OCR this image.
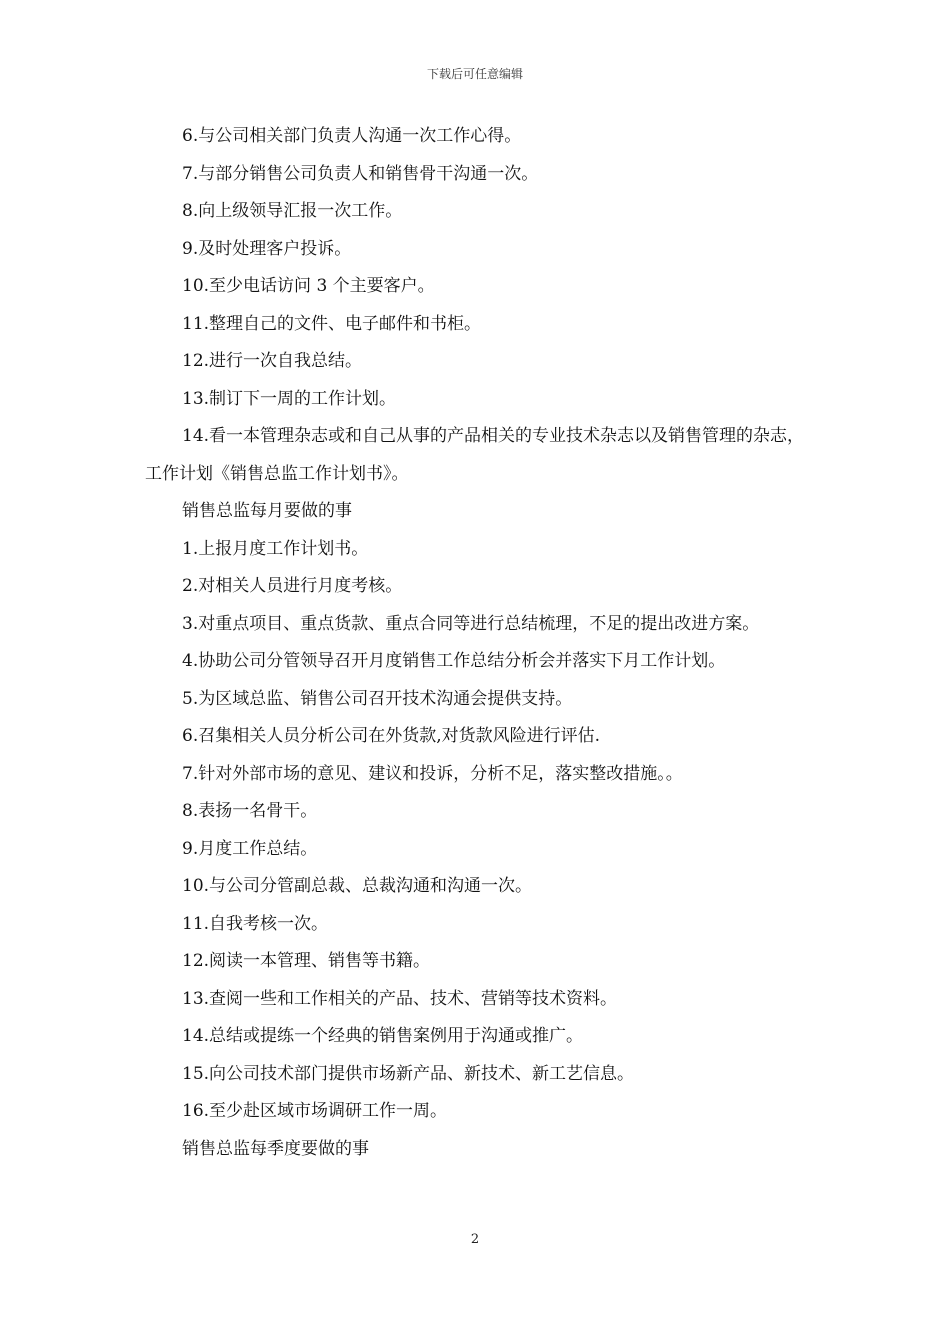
下载后可任意编辑

6.与公司相关部门负责人沟通一次工作心得。

7.与部分销售公司负责人和销售骨干沟通一次。

8.向上级领导汇报一次工作。

9.及时处理客户投诉。

10.至少电话访问 3 个主要客户。

11.整理自己的文件、电子邮件和书柜。

12.进行一次自我总结。

13.制订下一周的工作计划。

14.看一本管理杂志或和自己从事的产品相关的专业技术杂志以及销售管理的杂志，工作计划《销售总监工作计划书》。

销售总监每月要做的事

1.上报月度工作计划书。

2.对相关人员进行月度考核。

3.对重点项目、重点货款、重点合同等进行总结梳理，不足的提出改进方案。

4.协助公司分管领导召开月度销售工作总结分析会并落实下月工作计划。

5.为区域总监、销售公司召开技术沟通会提供支持。

6.召集相关人员分析公司在外货款,对货款风险进行评估.

7.针对外部市场的意见、建议和投诉，分析不足，落实整改措施。。

8.表扬一名骨干。

9.月度工作总结。

10.与公司分管副总裁、总裁沟通和沟通一次。

11.自我考核一次。

12.阅读一本管理、销售等书籍。

13.查阅一些和工作相关的产品、技术、营销等技术资料。

14.总结或提练一个经典的销售案例用于沟通或推广。

15.向公司技术部门提供市场新产品、新技术、新工艺信息。

16.至少赴区域市场调研工作一周。

销售总监每季度要做的事

2
